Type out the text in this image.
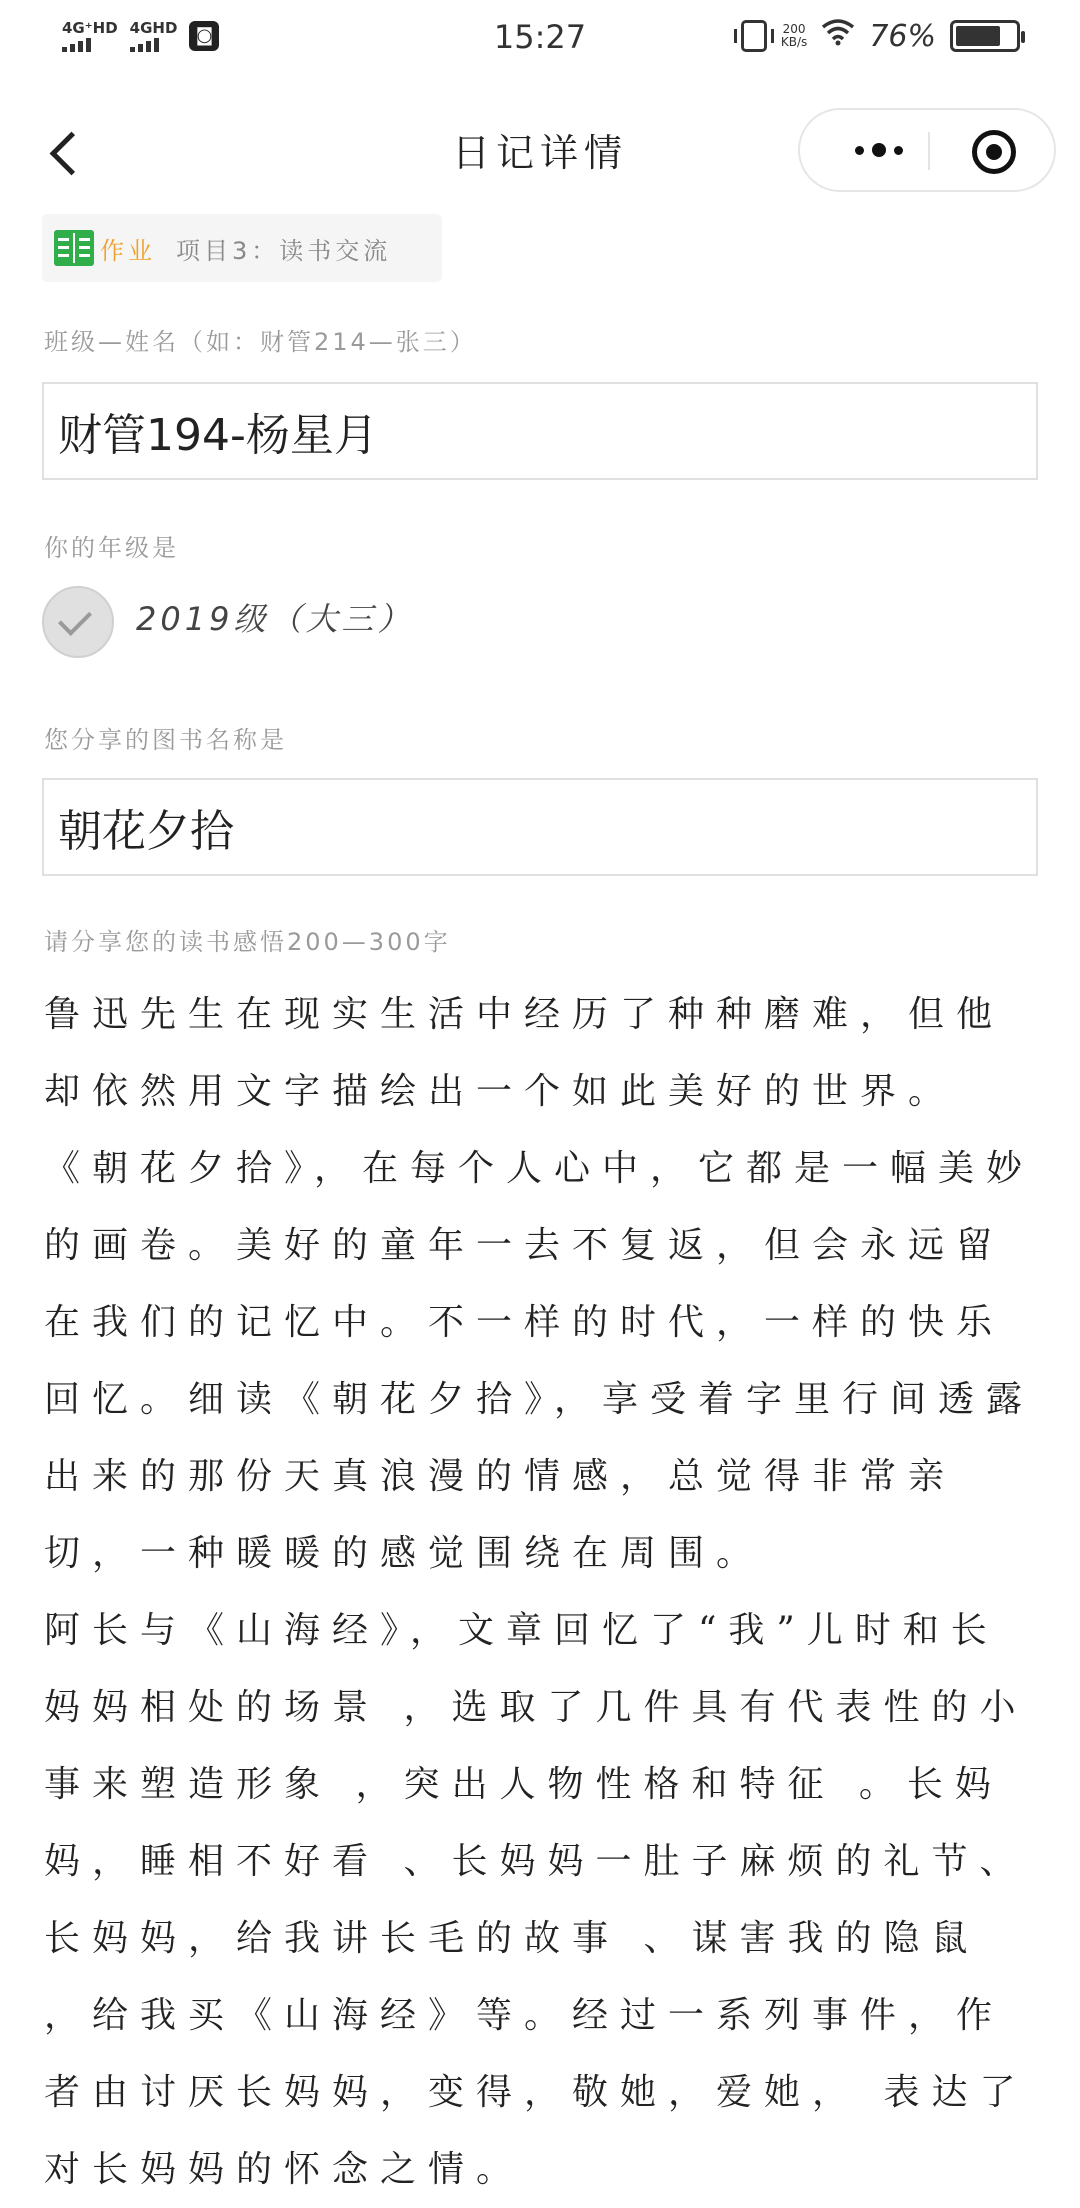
4G⁺HD 4GHD	◙	15:27	200
KB/s 76%
日记详情
作业 项目3：读书交流
班级—姓名（如：财管214—张三）
财管194-杨星月
你的年级是
2019级（大三）
您分享的图书名称是
朝花夕拾
请分享您的读书感悟200—300字

鲁迅先生在现实生活中经历了种种磨难，但他却依然用文字描绘出一个如此美好的世界。

《朝花夕拾》，在每个人心中，它都是一幅美妙的画卷。美好的童年一去不复返，但会永远留在我们的记忆中。不一样的时代，一样的快乐回忆。细读《朝花夕拾》，享受着字里行间透露出来的那份天真浪漫的情感，总觉得非常亲切，一种暖暖的感觉围绕在周围。

阿长与《山海经》，文章回忆了“我”儿时和长妈妈相处的场景 ，选取了几件具有代表性的小事来塑造形象 ，突出人物性格和特征 。长妈妈，睡相不好看 、长妈妈一肚子麻烦的礼节、长妈妈，给我讲长毛的故事 、谋害我的隐鼠 ，给我买《山海经》等。经过一系列事件，作者由讨厌长妈妈，变得，敬她，爱她， 表达了对长妈妈的怀念之情。
